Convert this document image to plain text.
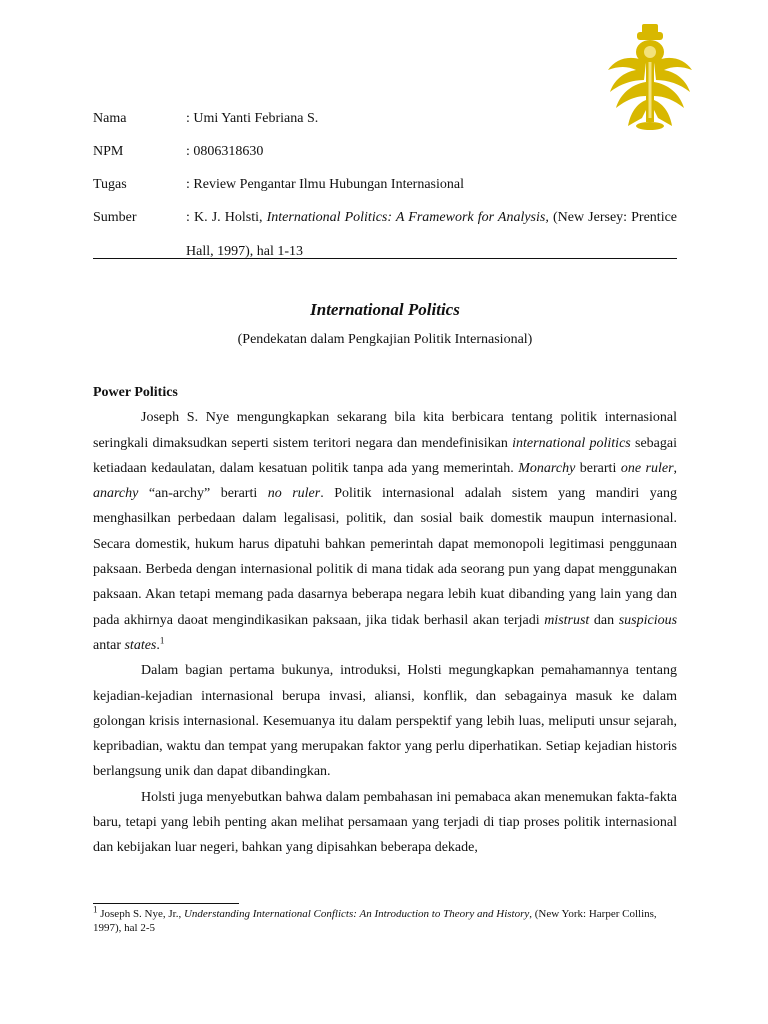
Nama	: Umi Yanti Febriana S.
NPM	: 0806318630
Tugas	: Review Pengantar Ilmu Hubungan Internasional
Sumber	: K. J. Holsti, International Politics: A Framework for Analysis, (New Jersey: Prentice Hall, 1997), hal 1-13
International Politics
(Pendekatan dalam Pengkajian Politik Internasional)

Power Politics

Joseph S. Nye mengungkapkan sekarang bila kita berbicara tentang politik internasional seringkali dimaksudkan seperti sistem teritori negara dan mendefinisikan international politics sebagai ketiadaan kedaulatan, dalam kesatuan politik tanpa ada yang memerintah. Monarchy berarti one ruler, anarchy “an-archy” berarti no ruler. Politik internasional adalah sistem yang mandiri yang menghasilkan perbedaan dalam legalisasi, politik, dan sosial baik domestik maupun internasional. Secara domestik, hukum harus dipatuhi bahkan pemerintah dapat memonopoli legitimasi penggunaan paksaan. Berbeda dengan internasional politik di mana tidak ada seorang pun yang dapat menggunakan paksaan. Akan tetapi memang pada dasarnya beberapa negara lebih kuat dibanding yang lain yang dan pada akhirnya daoat mengindikasikan paksaan, jika tidak berhasil akan terjadi mistrust dan suspicious antar states.$^1$

Dalam bagian pertama bukunya, introduksi, Holsti megungkapkan pemahamannya tentang kejadian-kejadian internasional berupa invasi, aliansi, konflik, dan sebagainya masuk ke dalam golongan krisis internasional. Kesemuanya itu dalam perspektif yang lebih luas, meliputi unsur sejarah, kepribadian, waktu dan tempat yang merupakan faktor yang perlu diperhatikan. Setiap kejadian historis berlangsung unik dan dapat dibandingkan.

Holsti juga menyebutkan bahwa dalam pembahasan ini pemabaca akan menemukan fakta-fakta baru, tetapi yang lebih penting akan melihat persamaan yang terjadi di tiap proses politik internasional dan kebijakan luar negeri, bahkan yang dipisahkan beberapa dekade,

$^1$ Joseph S. Nye, Jr., Understanding International Conflicts: An Introduction to Theory and History, (New York: Harper Collins, 1997), hal 2-5
